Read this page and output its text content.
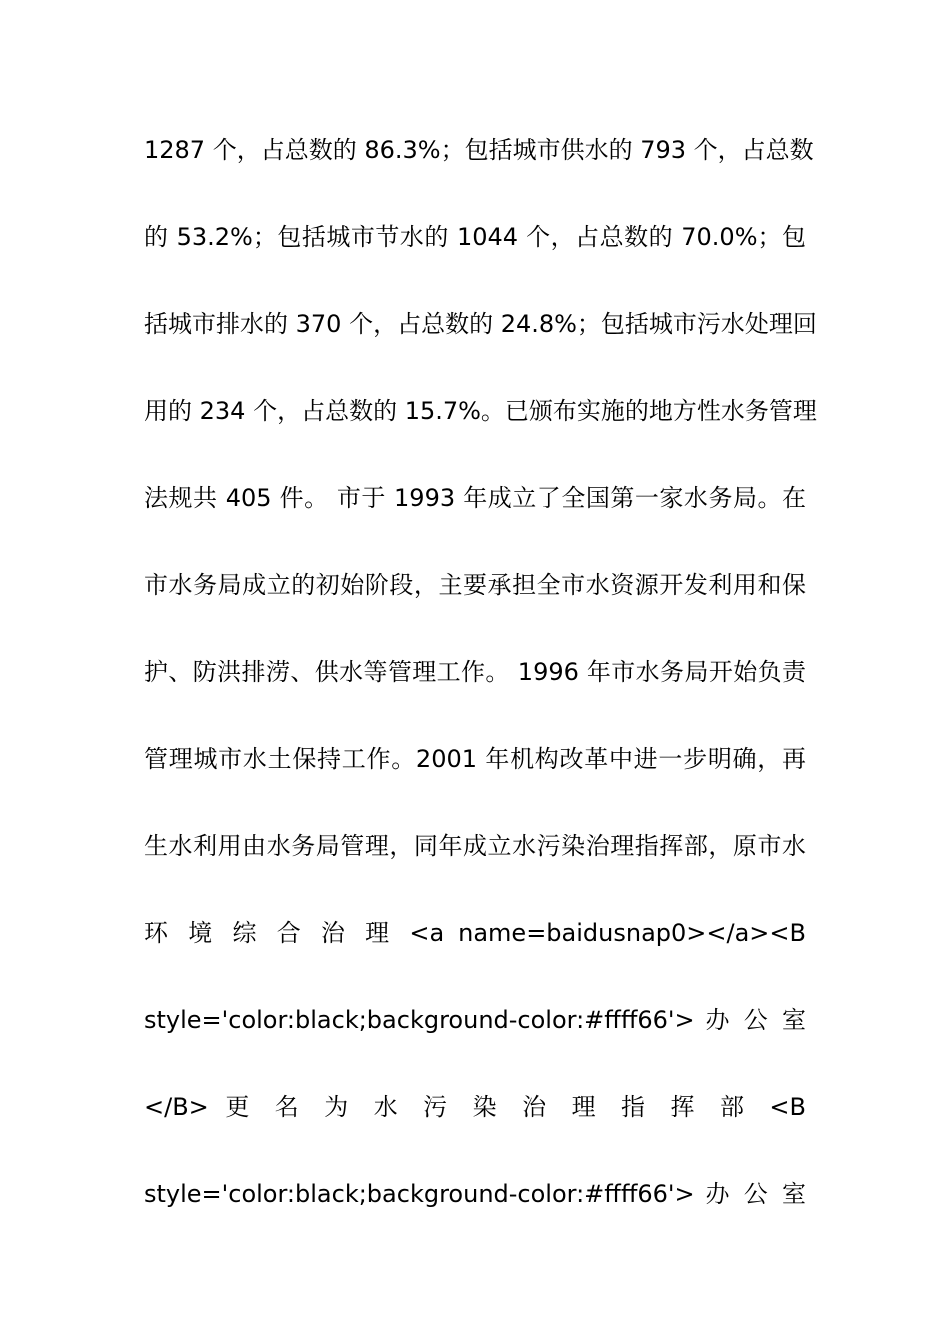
1287 个，占总数的 86.3%；包括城市供水的 793 个，占总数
的 53.2%；包括城市节水的 1044 个，占总数的 70.0%；包
括城市排水的 370 个，占总数的 24.8%；包括城市污水处理回
用的 234 个，占总数的 15.7%。已颁布实施的地方性水务管理
法规共 405 件。 市于 1993 年成立了全国第一家水务局。在
市水务局成立的初始阶段，主要承担全市水资源开发利用和保
护、防洪排涝、供水等管理工作。 1996 年市水务局开始负责
管理城市水土保持工作。2001 年机构改革中进一步明确，再
生水利用由水务局管理，同年成立水污染治理指挥部，原市水
环 境 综 合 治 理 <a name=baidusnap0></a><B
style='color:black;background-color:#ffff66'> 办 公 室
</B> 更 名 为 水 污 染 治 理 指 挥 部 <B
style='color:black;background-color:#ffff66'> 办 公 室
